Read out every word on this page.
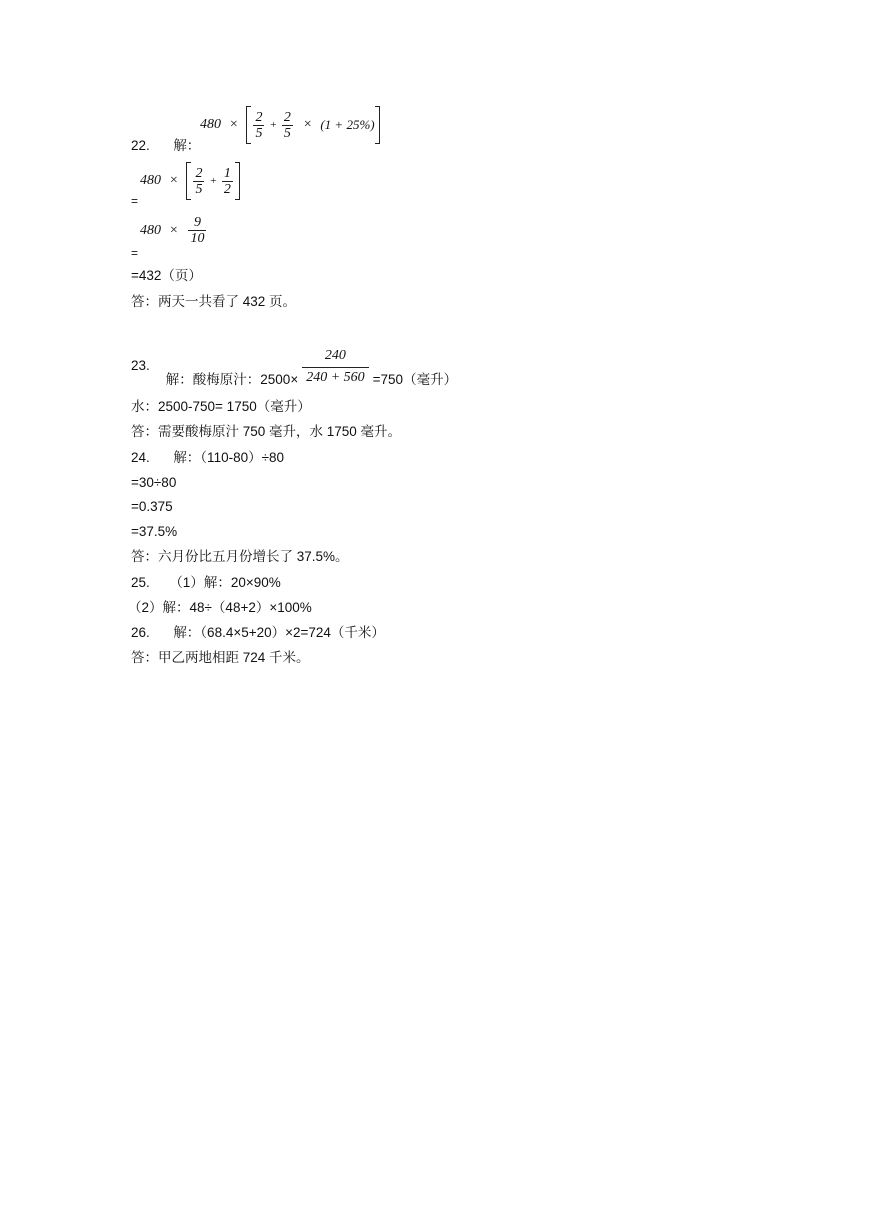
22. 解：
$480 \times \frac{2}{5} + \frac{2}{5} \times (1 + 25\%)$
=
$480 \times \frac{2}{5} + \frac{1}{2}$
=
$480 \times \frac{9}{10}$
=432（页）
答：两天一共看了 432 页。
23.
解：酸梅原汁：$2500\times \frac{240}{240 + 560} =750$（毫升）
水：2500-750= 1750（毫升）
答：需要酸梅原汁 750 毫升，水 1750 毫升。
24. 解：（110-80）÷80
=30÷80
=0.375
=37.5%
答：六月份比五月份增长了 37.5%。
25. （1）解：20×90%
（2）解：48÷（48+2）×100%
26. 解：（68.4×5+20）×2=724（千米）
答：甲乙两地相距 724 千米。
